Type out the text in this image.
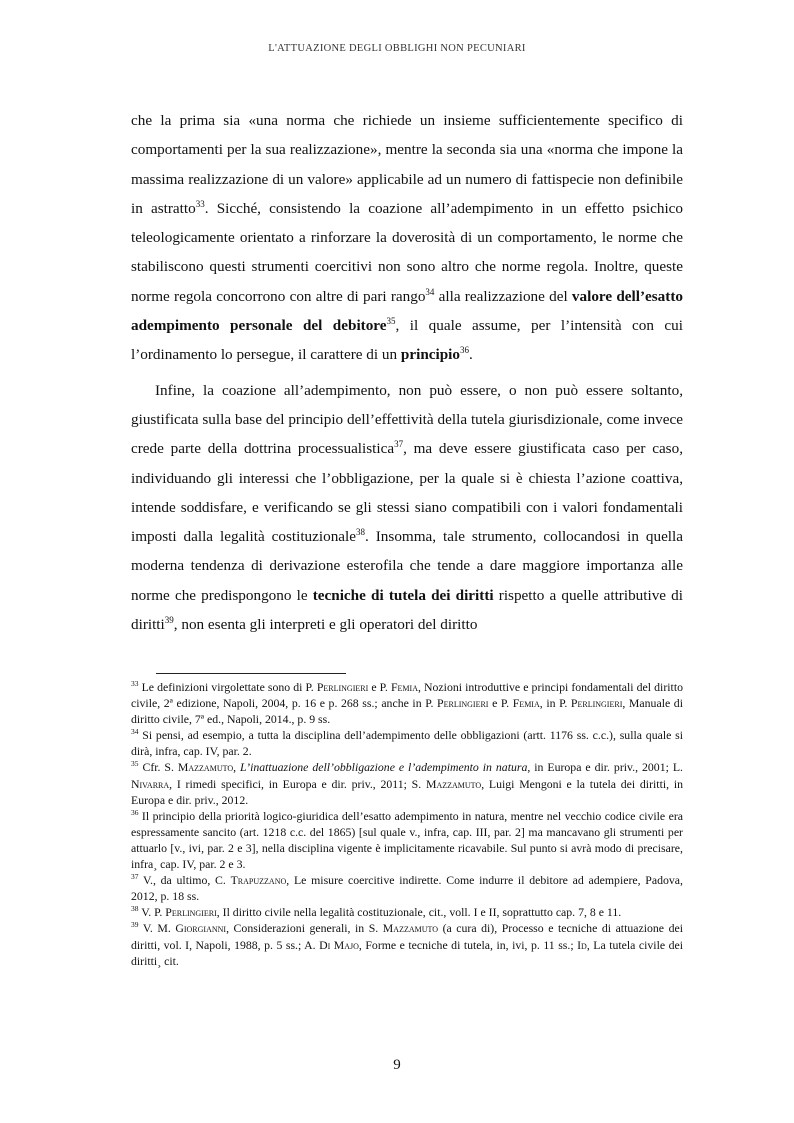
L'ATTUAZIONE DEGLI OBBLIGHI NON PECUNIARI

che la prima sia «una norma che richiede un insieme sufficientemente specifico di comportamenti per la sua realizzazione», mentre la seconda sia una «norma che impone la massima realizzazione di un valore» applicabile ad un numero di fattispecie non definibile in astratto$^{33}$. Sicché, consistendo la coazione all’adempimento in un effetto psichico teleologicamente orientato a rinforzare la doverosità di un comportamento, le norme che stabiliscono questi strumenti coercitivi non sono altro che norme regola. Inoltre, queste norme regola concorrono con altre di pari rango$^{34}$ alla realizzazione del valore dell’esatto adempimento personale del debitore$^{35}$, il quale assume, per l’intensità con cui l’ordinamento lo persegue, il carattere di un principio$^{36}$.

Infine, la coazione all’adempimento, non può essere, o non può essere soltanto, giustificata sulla base del principio dell’effettività della tutela giurisdizionale, come invece crede parte della dottrina processualistica$^{37}$, ma deve essere giustificata caso per caso, individuando gli interessi che l’obbligazione, per la quale si è chiesta l’azione coattiva, intende soddisfare, e verificando se gli stessi siano compatibili con i valori fondamentali imposti dalla legalità costituzionale$^{38}$. Insomma, tale strumento, collocandosi in quella moderna tendenza di derivazione esterofila che tende a dare maggiore importanza alle norme che predispongono le tecniche di tutela dei diritti rispetto a quelle attributive di diritti$^{39}$, non esenta gli interpreti e gli operatori del diritto

$^{33}$ Le definizioni virgolettate sono di P. Perlingieri e P. Femia, Nozioni introduttive e principi fondamentali del diritto civile, 2ª edizione, Napoli, 2004, p. 16 e p. 268 ss.; anche in P. Perlingieri e P. Femia, in P. Perlingieri, Manuale di diritto civile, 7ª ed., Napoli, 2014., p. 9 ss.

$^{34}$ Si pensi, ad esempio, a tutta la disciplina dell’adempimento delle obbligazioni (artt. 1176 ss. c.c.), sulla quale si dirà, infra, cap. IV, par. 2.

$^{35}$ Cfr. S. Mazzamuto, L’inattuazione dell’obbligazione e l’adempimento in natura, in Europa e dir. priv., 2001; L. Nivarra, I rimedi specifici, in Europa e dir. priv., 2011; S. Mazzamuto, Luigi Mengoni e la tutela dei diritti, in Europa e dir. priv., 2012.

$^{36}$ Il principio della priorità logico-giuridica dell’esatto adempimento in natura, mentre nel vecchio codice civile era espressamente sancito (art. 1218 c.c. del 1865) [sul quale v., infra, cap. III, par. 2] ma mancavano gli strumenti per attuarlo [v., ivi, par. 2 e 3], nella disciplina vigente è implicitamente ricavabile. Sul punto si avrà modo di precisare, infra¸ cap. IV, par. 2 e 3.

$^{37}$ V., da ultimo, C. Trapuzzano, Le misure coercitive indirette. Come indurre il debitore ad adempiere, Padova, 2012, p. 18 ss.

$^{38}$ V. P. Perlingieri, Il diritto civile nella legalità costituzionale, cit., voll. I e II, soprattutto cap. 7, 8 e 11.

$^{39}$ V. M. Giorgianni, Considerazioni generali, in S. Mazzamuto (a cura di), Processo e tecniche di attuazione dei diritti, vol. I, Napoli, 1988, p. 5 ss.; A. Di Majo, Forme e tecniche di tutela, in, ivi, p. 11 ss.; Id, La tutela civile dei diritti¸ cit.

9
